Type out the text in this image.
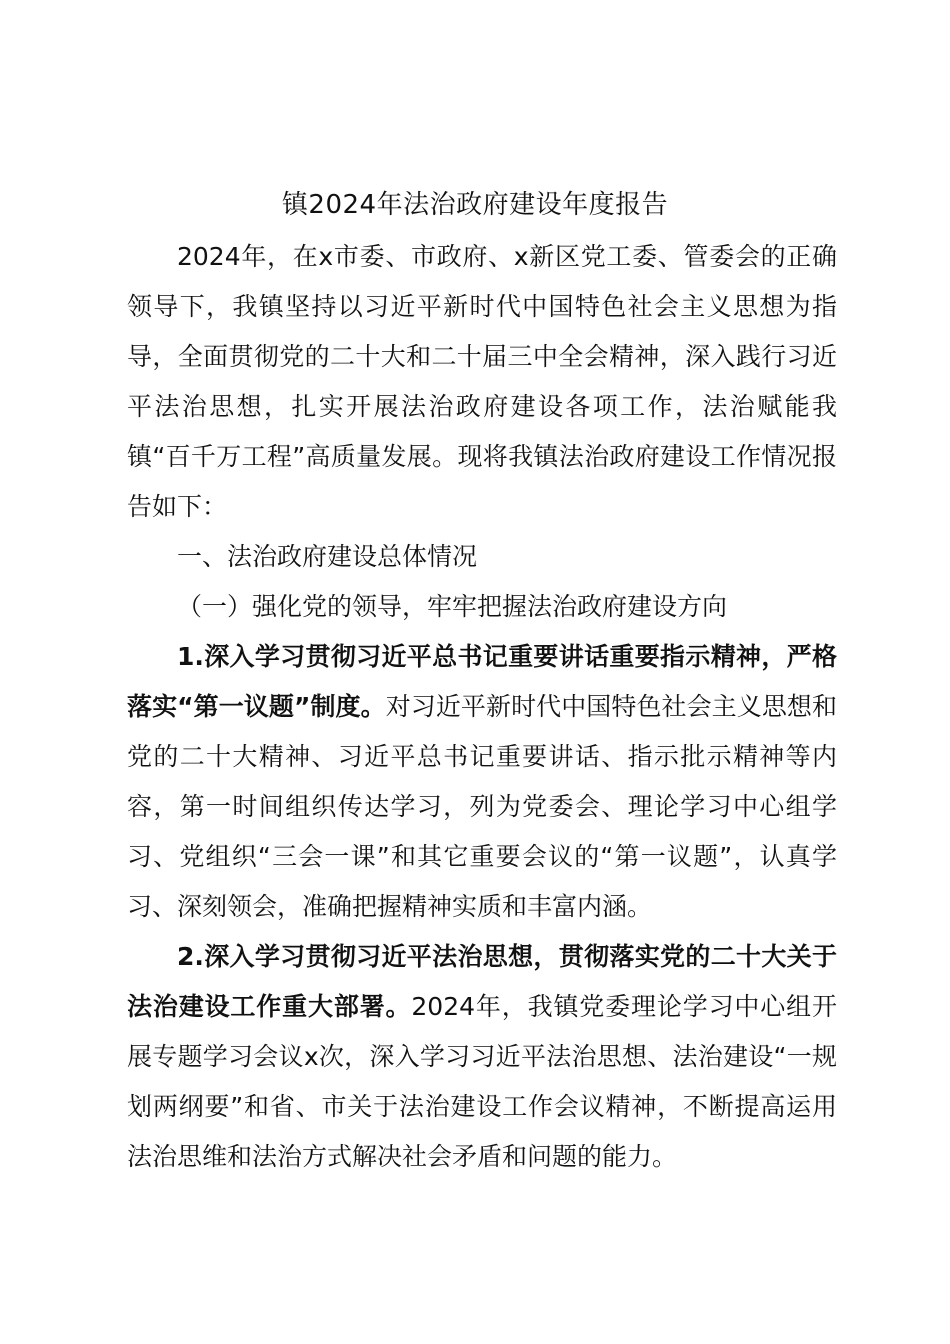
镇2024年法治政府建设年度报告

2024年，在x市委、市政府、x新区党工委、管委会的正确领导下，我镇坚持以习近平新时代中国特色社会主义思想为指导，全面贯彻党的二十大和二十届三中全会精神，深入践行习近平法治思想，扎实开展法治政府建设各项工作，法治赋能我镇“百千万工程”高质量发展。现将我镇法治政府建设工作情况报告如下：

一、法治政府建设总体情况

（一）强化党的领导，牢牢把握法治政府建设方向

1.深入学习贯彻习近平总书记重要讲话重要指示精神，严格落实“第一议题”制度。对习近平新时代中国特色社会主义思想和党的二十大精神、习近平总书记重要讲话、指示批示精神等内容，第一时间组织传达学习，列为党委会、理论学习中心组学习、党组织“三会一课”和其它重要会议的“第一议题”，认真学习、深刻领会，准确把握精神实质和丰富内涵。

2.深入学习贯彻习近平法治思想，贯彻落实党的二十大关于法治建设工作重大部署。2024年，我镇党委理论学习中心组开展专题学习会议x次，深入学习习近平法治思想、法治建设“一规划两纲要”和省、市关于法治建设工作会议精神，不断提高运用法治思维和法治方式解决社会矛盾和问题的能力。
